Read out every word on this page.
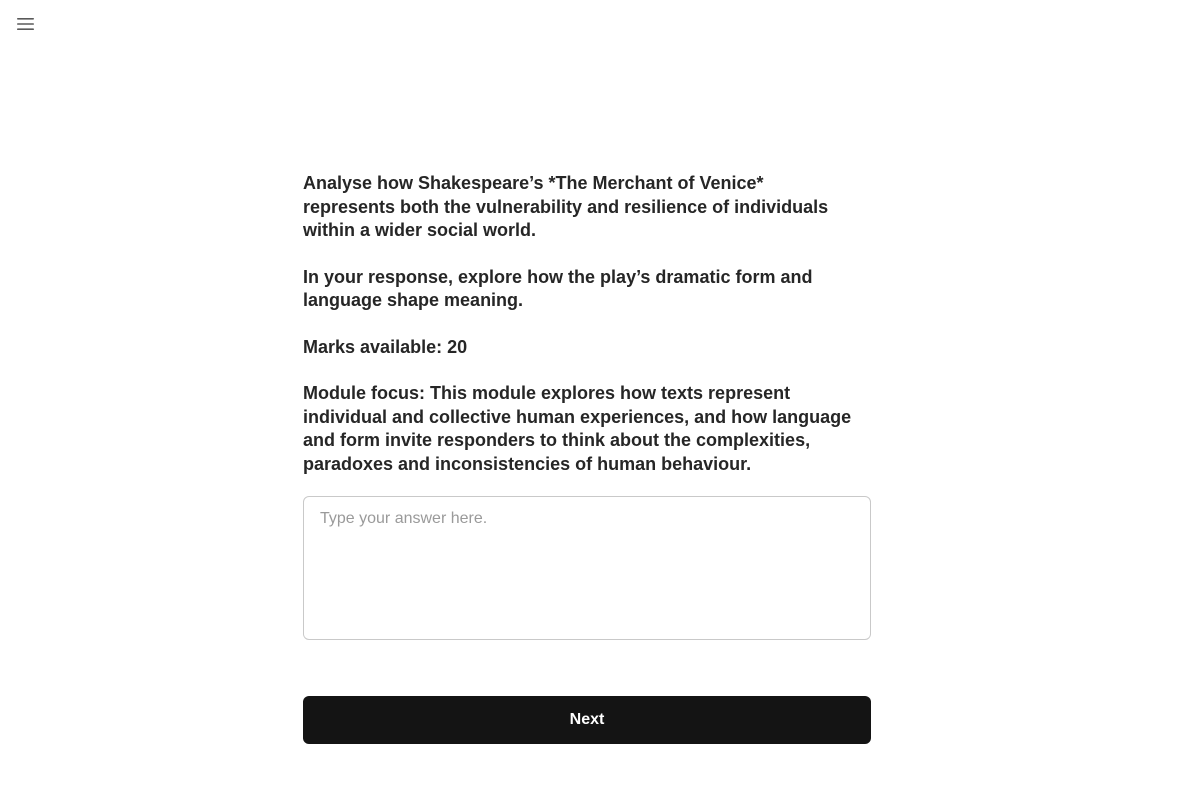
Analyse how Shakespeare’s *The Merchant of Venice*
represents both the vulnerability and resilience of individuals
within a wider social world.

In your response, explore how the play’s dramatic form and
language shape meaning.

Marks available: 20

Module focus: This module explores how texts represent
individual and collective human experiences, and how language
and form invite responders to think about the complexities,
paradoxes and inconsistencies of human behaviour.

Type your answer here.
Next
